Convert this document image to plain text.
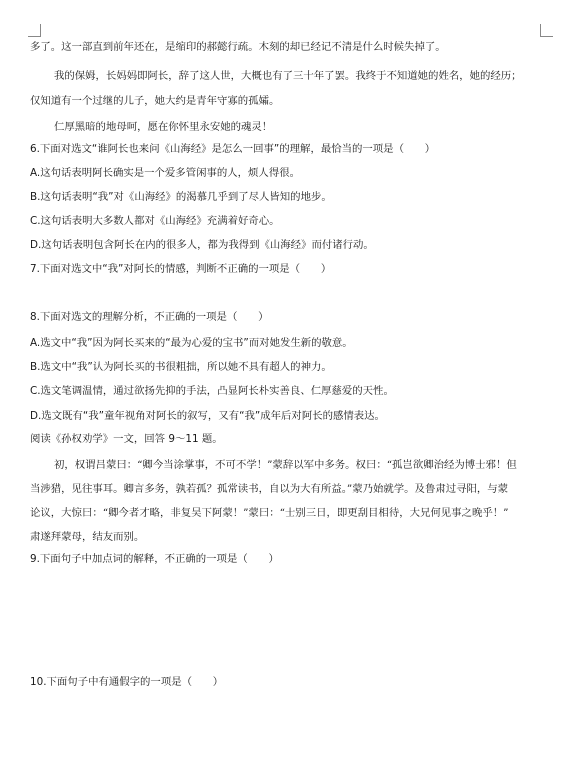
多了。这一部直到前年还在，是缩印的郝懿行疏。木刻的却已经记不清是什么时候失掉了。
我的保姆，长妈妈即阿长，辞了这人世，大概也有了三十年了罢。我终于不知道她的姓名，她的经历；
仅知道有一个过继的儿子，她大约是青年守寡的孤孀。
仁厚黑暗的地母呵，愿在你怀里永安她的魂灵！
6.下面对选文“谁阿长也来问《山海经》是怎么一回事”的理解，最恰当的一项是（　　）
A.这句话表明阿长确实是一个爱多管闲事的人，烦人得很。
B.这句话表明“我”对《山海经》的渴慕几乎到了尽人皆知的地步。
C.这句话表明大多数人都对《山海经》充满着好奇心。
D.这句话表明包含阿长在内的很多人，都为我得到《山海经》而付诸行动。
7.下面对选文中“我”对阿长的情感，判断不正确的一项是（　　）
8.下面对选文的理解分析，不正确的一项是（　　）
A.选文中“我”因为阿长买来的“最为心爱的宝书”而对她发生新的敬意。
B.选文中“我”认为阿长买的书很粗拙，所以她不具有超人的神力。
C.选文笔调温情，通过欲扬先抑的手法，凸显阿长朴实善良、仁厚慈爱的天性。
D.选文既有“我”童年视角对阿长的叙写，又有“我”成年后对阿长的感情表达。
阅读《孙权劝学》一文，回答 9～11 题。
初，权谓吕蒙曰：“卿今当涂掌事，不可不学！”蒙辞以军中多务。权曰：“孤岂欲卿治经为博士邪！但
当涉猎，见往事耳。卿言多务，孰若孤？孤常读书，自以为大有所益。”蒙乃始就学。及鲁肃过寻阳，与蒙
论议，大惊曰：“卿今者才略，非复吴下阿蒙！”蒙曰：“士别三日，即更刮目相待，大兄何见事之晚乎！”
肃遂拜蒙母，结友而别。
9.下面句子中加点词的解释，不正确的一项是（　　）
10.下面句子中有通假字的一项是（　　）
